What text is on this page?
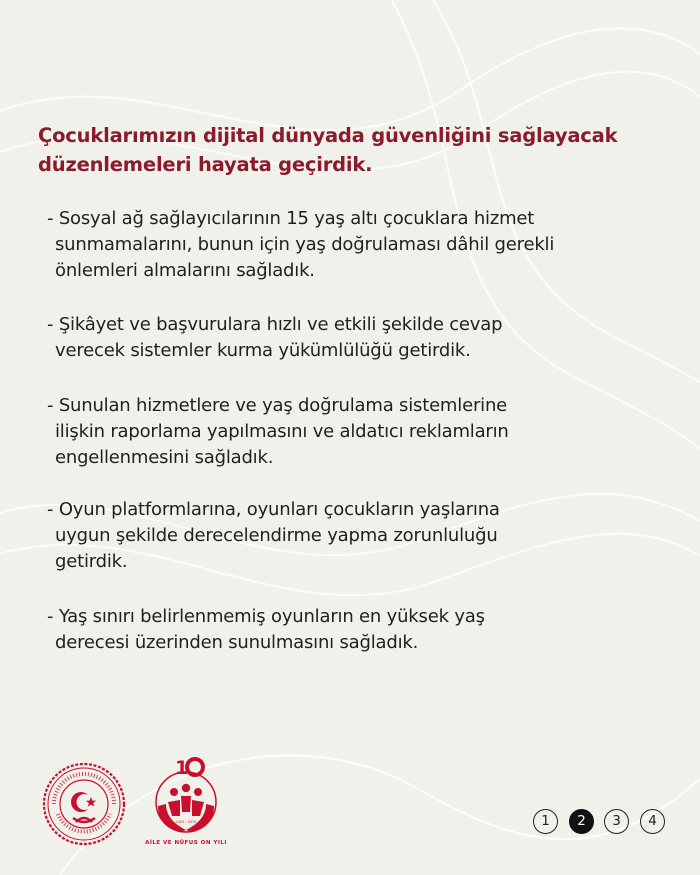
Çocuklarımızın dijital dünyada güvenliğini sağlayacak
düzenlemeleri hayata geçirdik.
- Sosyal ağ sağlayıcılarının 15 yaş altı çocuklara hizmet
sunmamalarını, bunun için yaş doğrulaması dâhil gerekli
önlemleri almalarını sağladık.
- Şikâyet ve başvurulara hızlı ve etkili şekilde cevap
verecek sistemler kurma yükümlülüğü getirdik.
- Sunulan hizmetlere ve yaş doğrulama sistemlerine
ilişkin raporlama yapılmasını ve aldatıcı reklamların
engellenmesini sağladık.
- Oyun platformlarına, oyunları çocukların yaşlarına
uygun şekilde derecelendirme yapma zorunluluğu
getirdik.
- Yaş sınırı belirlenmemiş oyunların en yüksek yaş
derecesi üzerinden sunulmasını sağladık.
1
2025 - 2035
AİLE VE NÜFUS ON YILI
1	2	3	4
